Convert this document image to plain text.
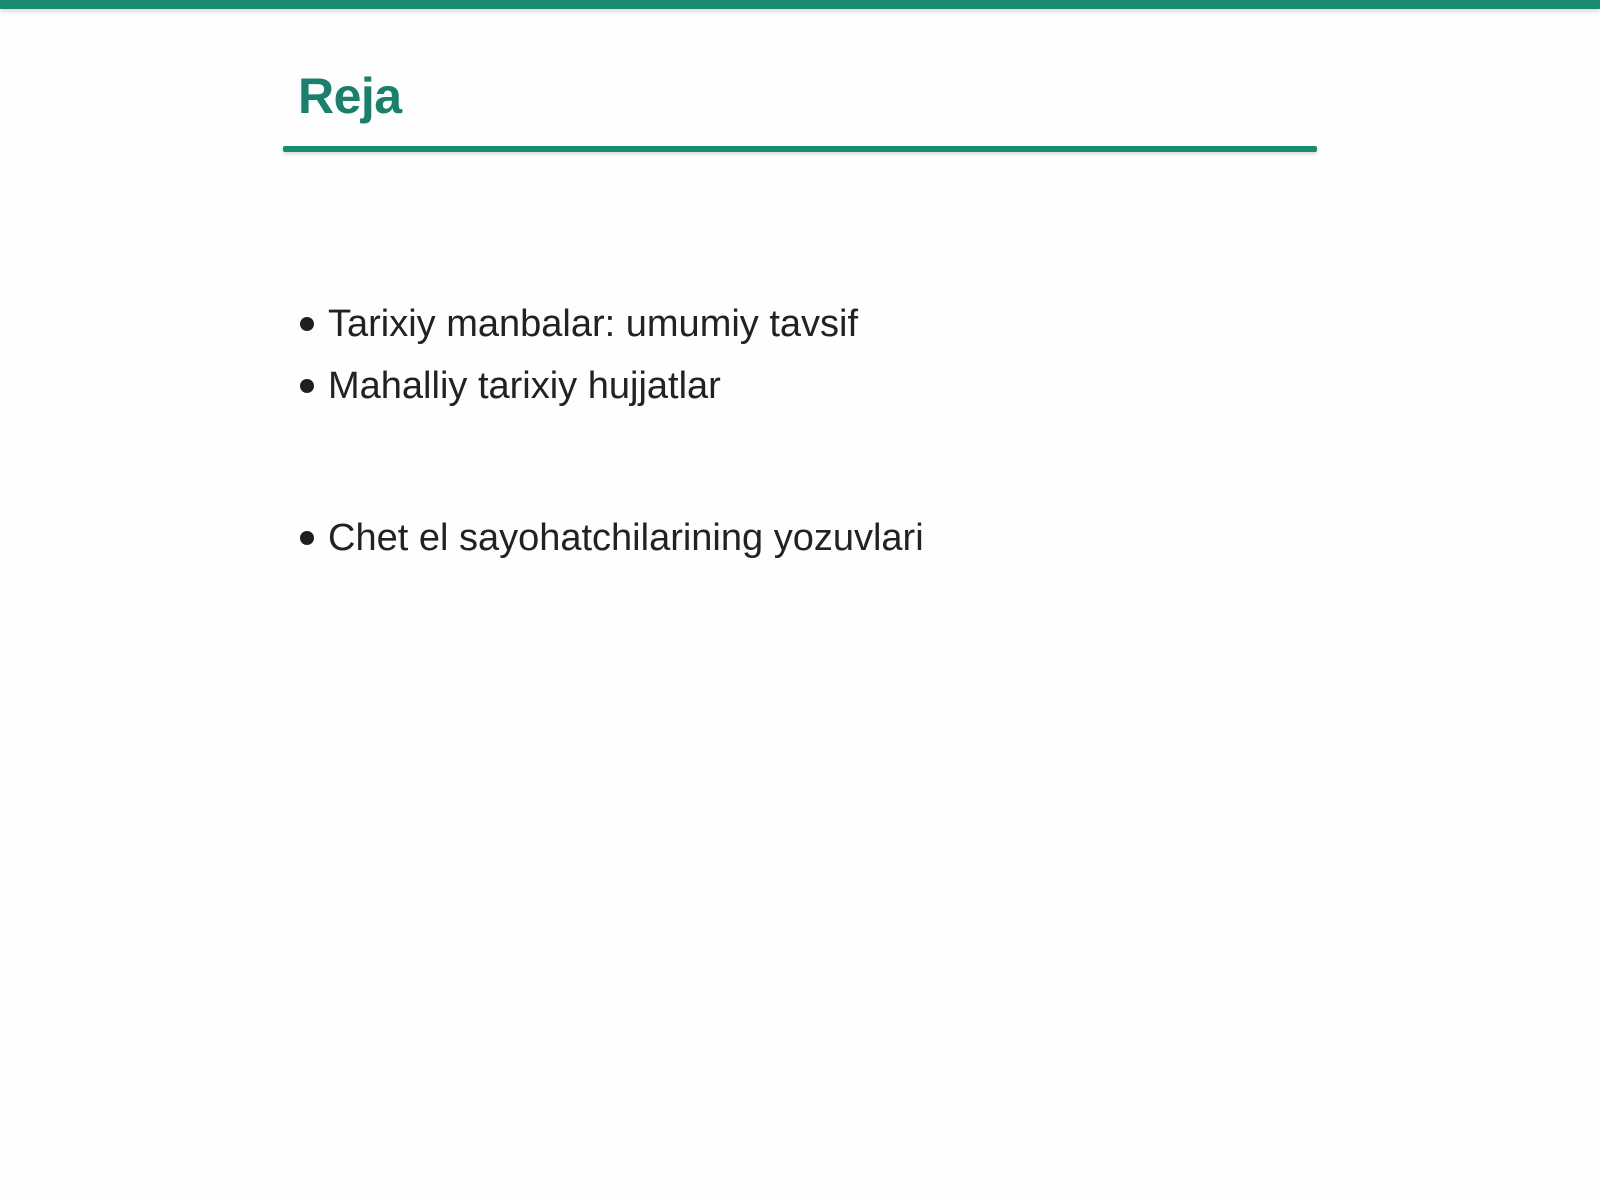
Reja
Tarixiy manbalar: umumiy tavsif
Mahalliy tarixiy hujjatlar
Chet el sayohatchilarining yozuvlari
